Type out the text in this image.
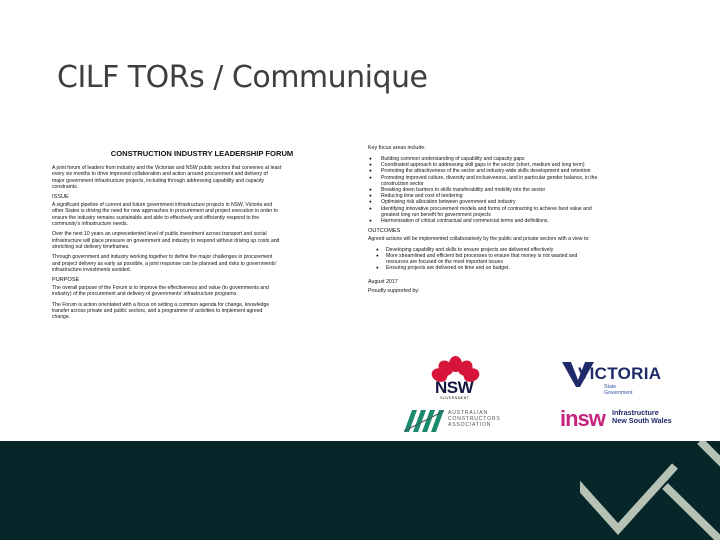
CILF TORs / Communique
CONSTRUCTION INDUSTRY LEADERSHIP FORUM

A joint forum of leaders from industry and the Victorian and NSW public sectors that convenes at least
every six months to drive improved collaboration and action around procurement and delivery of
major government infrastructure projects, including through addressing capability and capacity
constraints.

ISSUE

A significant pipeline of current and future government infrastructure projects in NSW, Victoria and
other States is driving the need for new approaches in procurement and project execution in order to
ensure the industry remains sustainable and able to effectively and efficiently respond to the
community's infrastructure needs.

Over the next 10 years an unprecedented level of public investment across transport and social
infrastructure will place pressure on government and industry to respond without driving up costs and
stretching out delivery timeframes.

Through government and industry working together to define the major challenges in procurement
and project delivery as early as possible, a joint response can be planned and risks to governments'
infrastructure investments avoided.

PURPOSE

The overall purpose of the Forum is to improve the effectiveness and value (to governments and
industry) of the procurement and delivery of governments' infrastructure programs.

The Forum is action orientated with a focus on setting a common agenda for change, knowledge
transfer across private and public sectors, and a programme of activities to implement agreed
change.

Key focus areas include:
● Building common understanding of capability and capacity gaps
● Coordinated approach to addressing skill gaps in the sector (short, medium and long term)
● Promoting the attractiveness of the sector and industry-wide skills development and retention
● Promoting improved culture, diversity and inclusiveness, and in particular gender balance, in the
construction sector
● Breaking down barriers to skills transferability and mobility into the sector
● Reducing time and cost of tendering
● Optimising risk allocation between government and industry
● Identifying innovative procurement models and forms of contracting to achieve best value and
greatest long run benefit for government projects
● Harmonisation of critical contractual and commercial terms and definitions.
OUTCOMES

Agreed actions will be implemented collaboratively by the public and private sectors with a view to:

● Developing capability and skills to ensure projects are delivered effectively
● More streamlined and efficient bid processes to ensure that money is not wasted and
resources are focused on the most important issues
● Ensuring projects are delivered on time and on budget.

August 2017

Proudly supported by:

NSW
GOVERNMENT
VICTORIA
State
Government
AUSTRALIAN
CONSTRUCTORS
ASSOCIATION	insw Infrastructure
New South Wales
